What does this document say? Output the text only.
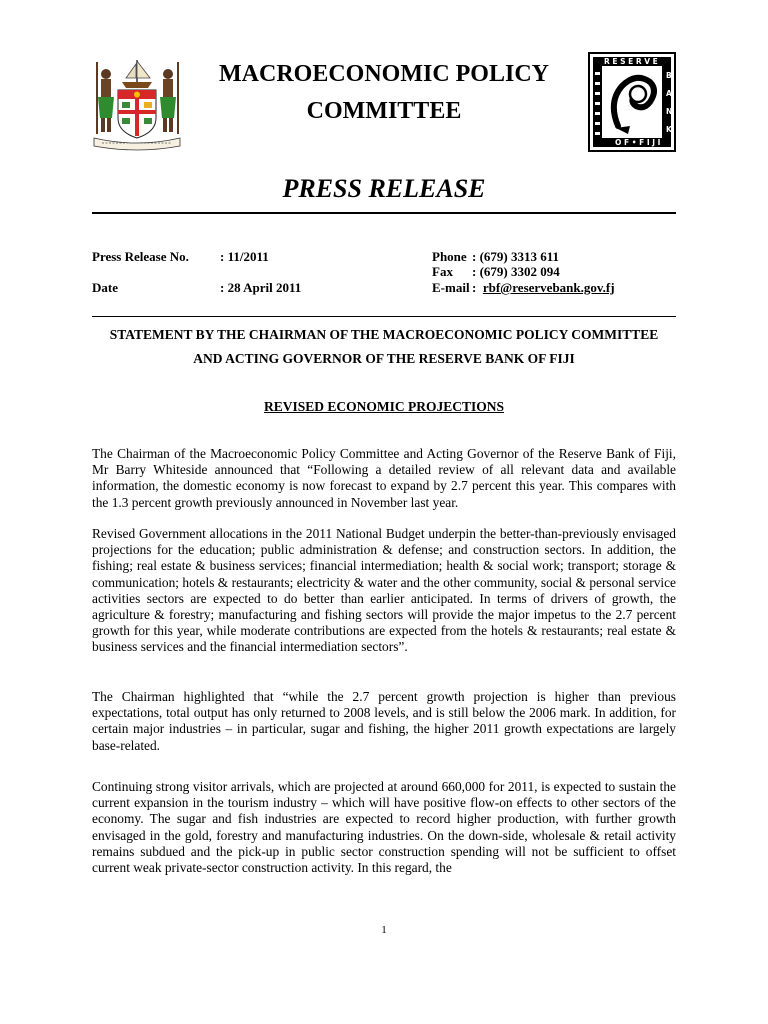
MACROECONOMIC POLICY
COMMITTEE
R E S E R V E
O F • F I J I
B
A
N
K
PRESS RELEASE
Press Release No. : 11/2011
Date	: 28 April 2011
Phone : (679) 3313 611
Fax : (679) 3302 094
E-mail : rbf@reservebank.gov.fj
STATEMENT BY THE CHAIRMAN OF THE MACROECONOMIC POLICY COMMITTEE
AND ACTING GOVERNOR OF THE RESERVE BANK OF FIJI
REVISED ECONOMIC PROJECTIONS

The Chairman of the Macroeconomic Policy Committee and Acting Governor of the Reserve Bank of Fiji, Mr Barry Whiteside announced that “Following a detailed review of all relevant data and available information, the domestic economy is now forecast to expand by 2.7 percent this year. This compares with the 1.3 percent growth previously announced in November last year.

Revised Government allocations in the 2011 National Budget underpin the better-than-previously envisaged projections for the education; public administration & defense; and construction sectors. In addition, the fishing; real estate & business services; financial intermediation; health & social work; transport; storage & communication; hotels & restaurants; electricity & water and the other community, social & personal service activities sectors are expected to do better than earlier anticipated. In terms of drivers of growth, the agriculture & forestry; manufacturing and fishing sectors will provide the major impetus to the 2.7 percent growth for this year, while moderate contributions are expected from the hotels & restaurants; real estate & business services and the financial intermediation sectors”.

The Chairman highlighted that “while the 2.7 percent growth projection is higher than previous expectations, total output has only returned to 2008 levels, and is still below the 2006 mark. In addition, for certain major industries – in particular, sugar and fishing, the higher 2011 growth expectations are largely base-related.

Continuing strong visitor arrivals, which are projected at around 660,000 for 2011, is expected to sustain the current expansion in the tourism industry – which will have positive flow-on effects to other sectors of the economy. The sugar and fish industries are expected to record higher production, with further growth envisaged in the gold, forestry and manufacturing industries. On the down-side, wholesale & retail activity remains subdued and the pick-up in public sector construction spending will not be sufficient to offset current weak private-sector construction activity. In this regard, the

1
